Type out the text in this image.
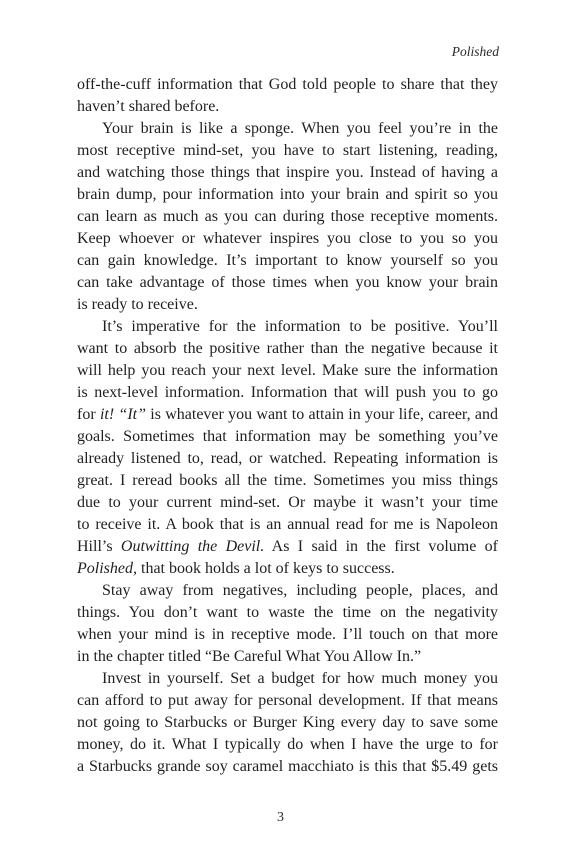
Polished
off-the-cuff information that God told people to share that they
haven’t shared before.
Your brain is like a sponge. When you feel you’re in the
most receptive mind-set, you have to start listening, reading,
and watching those things that inspire you. Instead of having a
brain dump, pour information into your brain and spirit so you
can learn as much as you can during those receptive moments.
Keep whoever or whatever inspires you close to you so you
can gain knowledge. It’s important to know yourself so you
can take advantage of those times when you know your brain
is ready to receive.
It’s imperative for the information to be positive. You’ll
want to absorb the positive rather than the negative because it
will help you reach your next level. Make sure the information
is next-level information. Information that will push you to go
for it! “It” is whatever you want to attain in your life, career, and
goals. Sometimes that information may be something you’ve
already listened to, read, or watched. Repeating information is
great. I reread books all the time. Sometimes you miss things
due to your current mind-set. Or maybe it wasn’t your time
to receive it. A book that is an annual read for me is Napoleon
Hill’s Outwitting the Devil. As I said in the first volume of
Polished, that book holds a lot of keys to success.
Stay away from negatives, including people, places, and
things. You don’t want to waste the time on the negativity
when your mind is in receptive mode. I’ll touch on that more
in the chapter titled “Be Careful What You Allow In.”
Invest in yourself. Set a budget for how much money you
can afford to put away for personal development. If that means
not going to Starbucks or Burger King every day to save some
money, do it. What I typically do when I have the urge to for
a Starbucks grande soy caramel macchiato is this that $5.49 gets
3
